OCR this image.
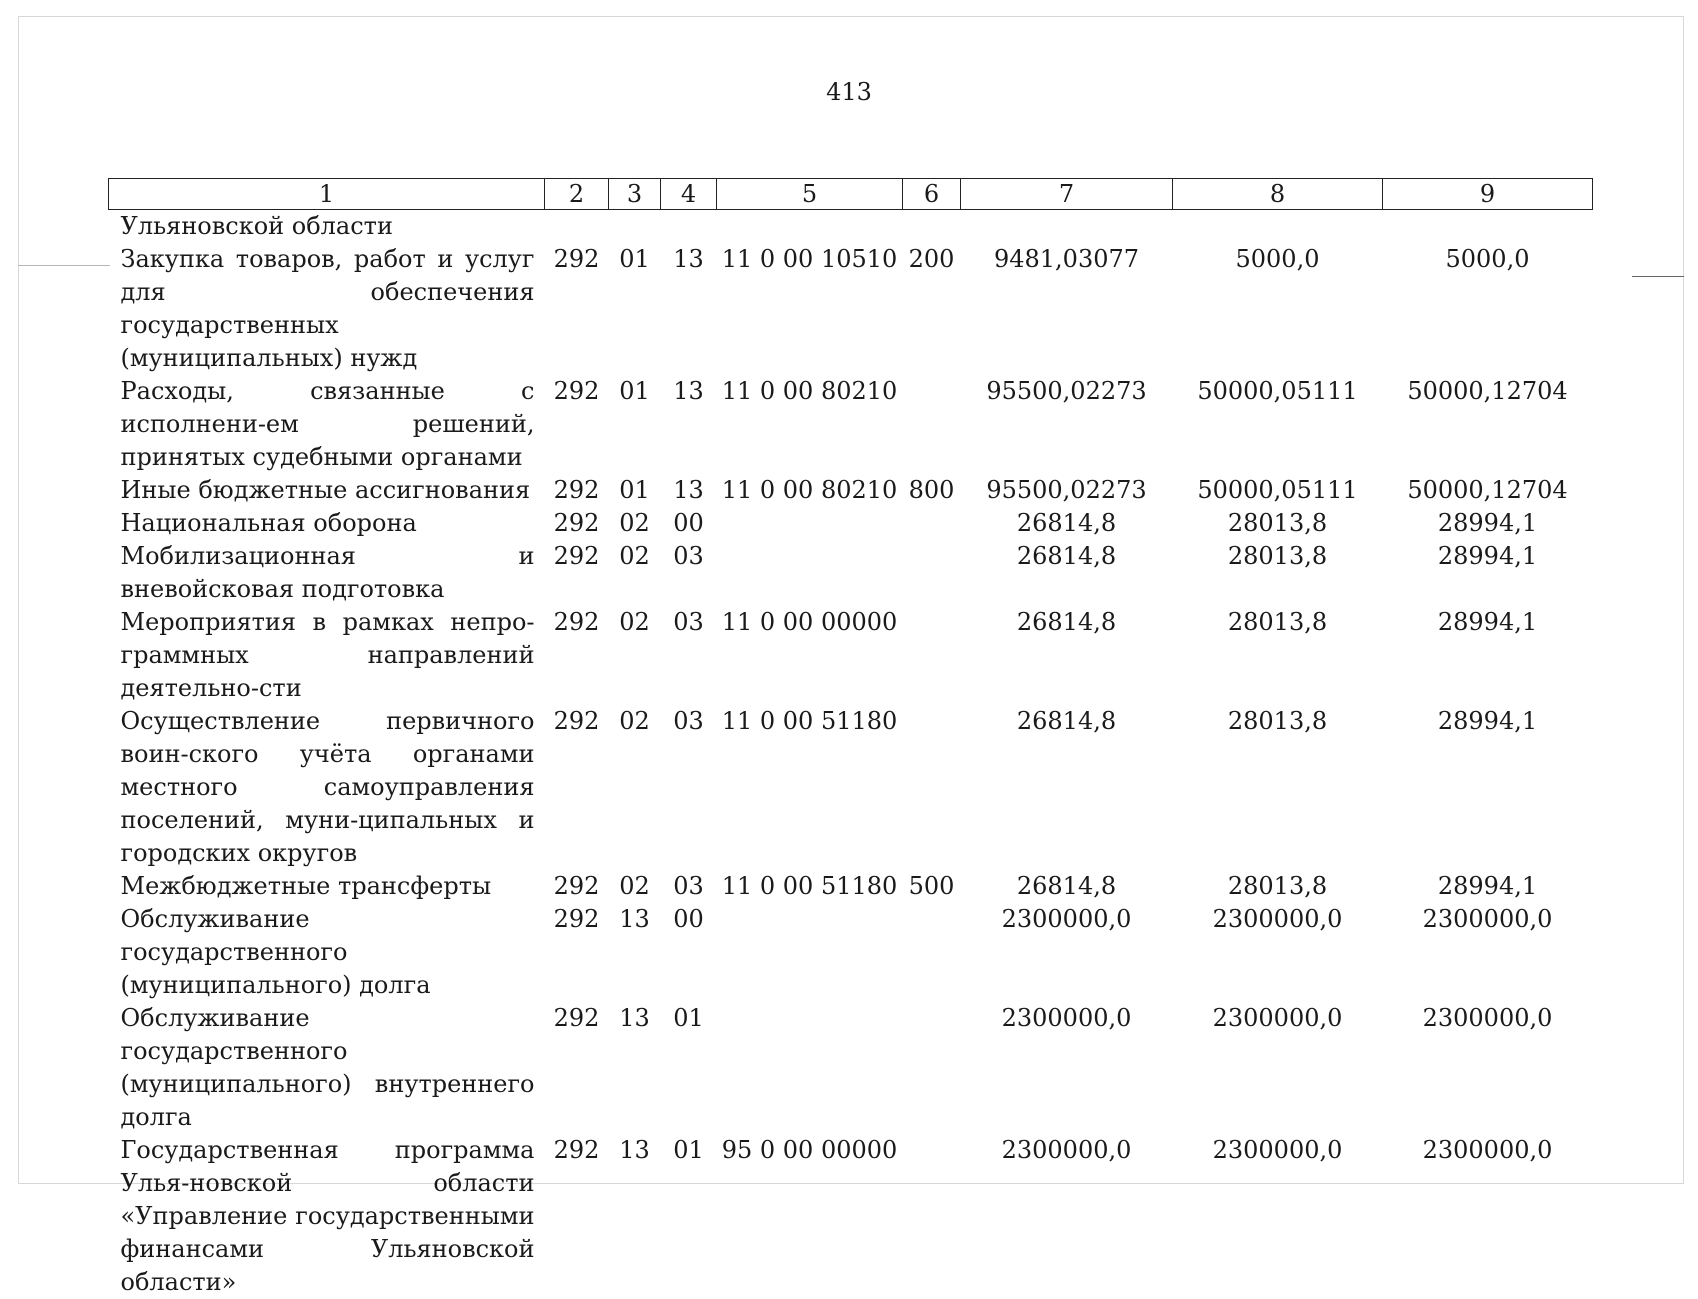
413
1	2	3	4	5	6	7	8	9
Ульяновской области								
Закупка товаров, работ и услуг для обеспечения государственных (муниципальных) нужд	292	01	13	11 0 00 10510	200	9481,03077	5000,0	5000,0
Расходы, связанные с исполнени-ем решений, принятых судебными органами	292	01	13	11 0 00 80210		95500,02273	50000,05111	50000,12704
Иные бюджетные ассигнования	292	01	13	11 0 00 80210	800	95500,02273	50000,05111	50000,12704
Национальная оборона	292	02	00			26814,8	28013,8	28994,1
Мобилизационная и вневойсковая подготовка	292	02	03			26814,8	28013,8	28994,1
Мероприятия в рамках непро-граммных направлений деятельно-сти	292	02	03	11 0 00 00000		26814,8	28013,8	28994,1
Осуществление первичного воин-ского учёта органами местного самоуправления поселений, муни-ципальных и городских округов	292	02	03	11 0 00 51180		26814,8	28013,8	28994,1
Межбюджетные трансферты	292	02	03	11 0 00 51180	500	26814,8	28013,8	28994,1
Обслуживание государственного (муниципального) долга	292	13	00			2300000,0	2300000,0	2300000,0
Обслуживание государственного (муниципального) внутреннего долга	292	13	01			2300000,0	2300000,0	2300000,0
Государственная программа Улья-новской области «Управление государственными финансами Ульяновской области»	292	13	01	95 0 00 00000		2300000,0	2300000,0	2300000,0
